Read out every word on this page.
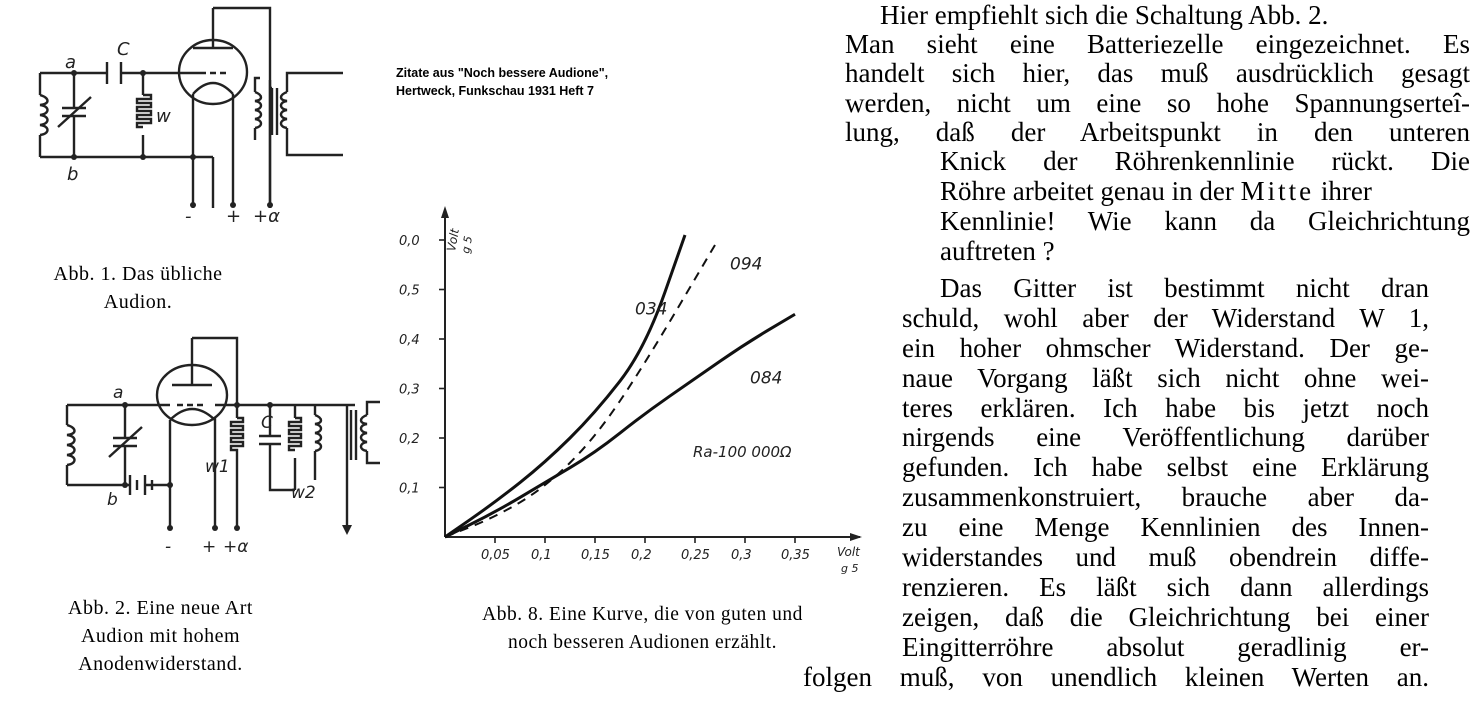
a
C
b
w
- + +α
Abb. 1. Das übliche
Audion.
a
C
b
w1
w2
- + +α
Abb. 2. Eine neue Art
Audion mit hohem
Anodenwiderstand.
Zitate aus "Noch bessere Audione",
Hertweck, Funkschau 1931 Heft 7
0,05 0,1 0,15 0,2 0,25 0,3 0,35
0,1
0,2
0,3
0,4
0,5
0,0
034
094
084
Volt
g 5
Volt
g 5
Ra-100 000Ω
Abb. 8. Eine Kurve, die von guten und
noch besseren Audionen erzählt.
Hier empfiehlt sich die Schaltung Abb. 2.
Man sieht eine Batteriezelle eingezeichnet. Es
handelt sich hier, das muß ausdrücklich gesagt
werden, nicht um eine so hohe Spannungserteî-
lung, daß der Arbeitspunkt in den unteren
Knick der Röhrenkennlinie rückt. Die
Röhre arbeitet genau in der Mitte ihrer
Kennlinie! Wie kann da Gleichrichtung
auftreten ?
Das Gitter ist bestimmt nicht dran
schuld, wohl aber der Widerstand W 1,
ein hoher ohmscher Widerstand. Der ge-
naue Vorgang läßt sich nicht ohne wei-
teres erklären. Ich habe bis jetzt noch
nirgends eine Veröffentlichung darüber
gefunden. Ich habe selbst eine Erklärung
zusammenkonstruiert, brauche aber da-
zu eine Menge Kennlinien des Innen-
widerstandes und muß obendrein diffe-
renzieren. Es läßt sich dann allerdings
zeigen, daß die Gleichrichtung bei einer
Eingitterröhre absolut geradlinig er-
folgen muß, von unendlich kleinen Werten an.
